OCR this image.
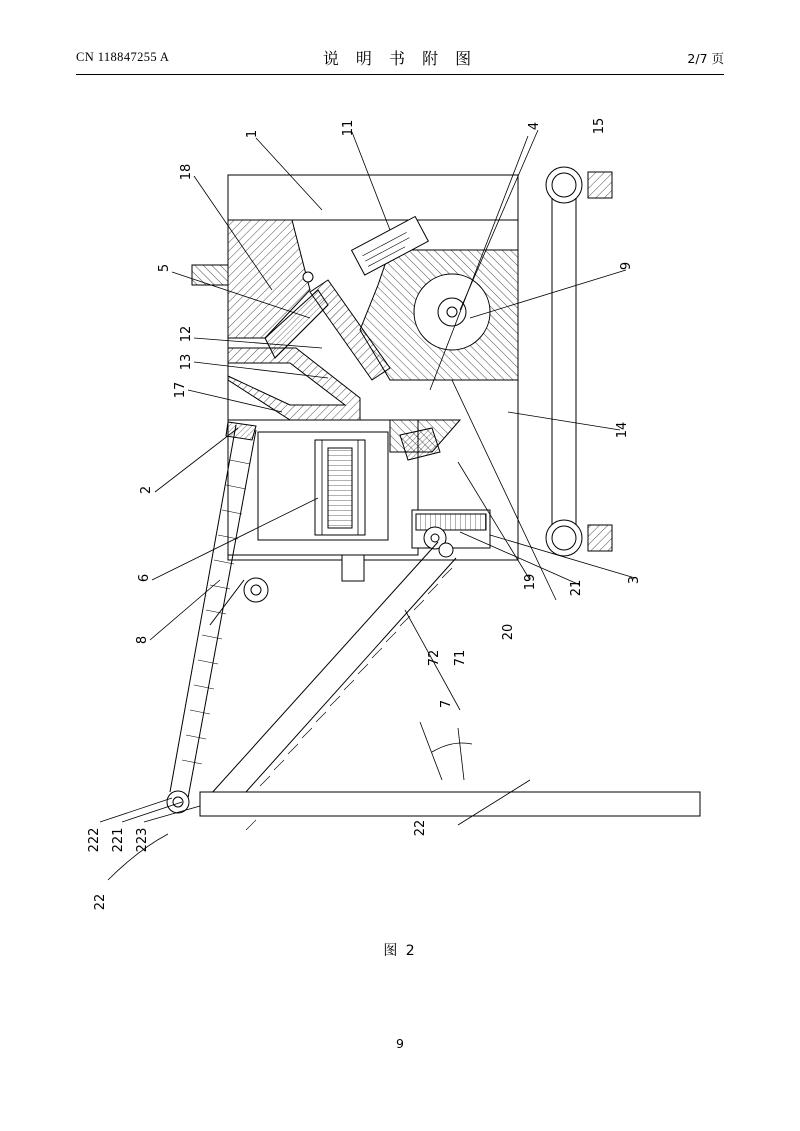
CN 118847255 A	说 明 书 附 图	2/7 页
1	11
18
5
12
13
17
4	15
9
14
2
6
8
19 21	3
20
72 71
7
22
222 221 223
22
图 2
9
